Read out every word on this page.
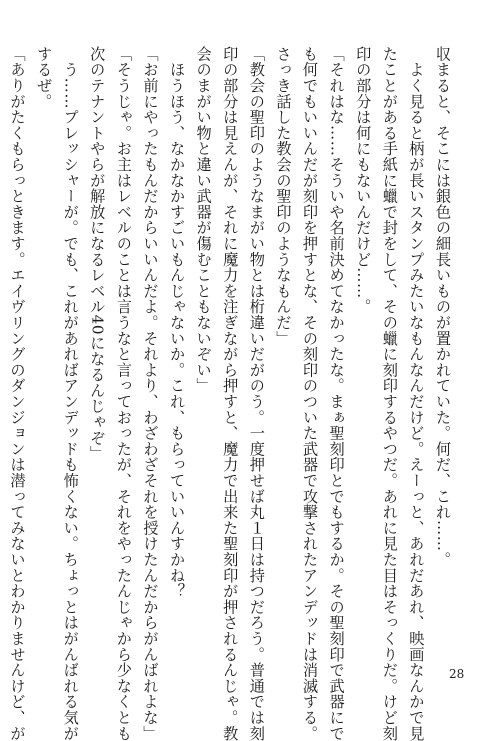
収まると、そこには銀色の細長いものが置かれていた。何だ、これ……。
　よく見ると柄が長いスタンプみたいなもんなんだけど。えーっと、あれだあれ、映画なんかで見
たことがある手紙に蠟で封をして、その蠟に刻印するやつだ。あれに見た目はそっくりだ。けど刻
印の部分は何にもないんだけど……。
「それはな……そういや名前決めてなかったな。まぁ聖刻印とでもするか。その聖刻印で武器にで
も何でもいいんだが刻印を押すとな、その刻印のついた武器で攻撃されたアンデッドは消滅する。
さっき話した教会の聖印のようなもんだ」
「教会の聖印のようなまがい物とは桁違いだがのう。一度押せば丸１日は持つだろう。普通では刻
印の部分は見えんが、それに魔力を注ぎながら押すと、魔力で出来た聖刻印が押されるんじゃ。教
会のまがい物と違い武器が傷むこともないぞい」
　ほうほう、なかなかすごいもんじゃないか。これ、もらっていいんすかね？
「お前にやったもんだからいいんだよ。それより、わざわざそれを授けたんだからがんばれよな」
「そうじゃ。お主はレベルのことは言うなと言っておったが、それをやったんじゃから少なくとも
次のテナントやらが解放になるレベル40になるんじゃぞ」
　う……プレッシャーが。でも、これがあればアンデッドも怖くない。ちょっとはがんばれる気が
するぜ。
「ありがたくもらっときます。エイヴリングのダンジョンは潜ってみないとわかりませんけど、が	28
